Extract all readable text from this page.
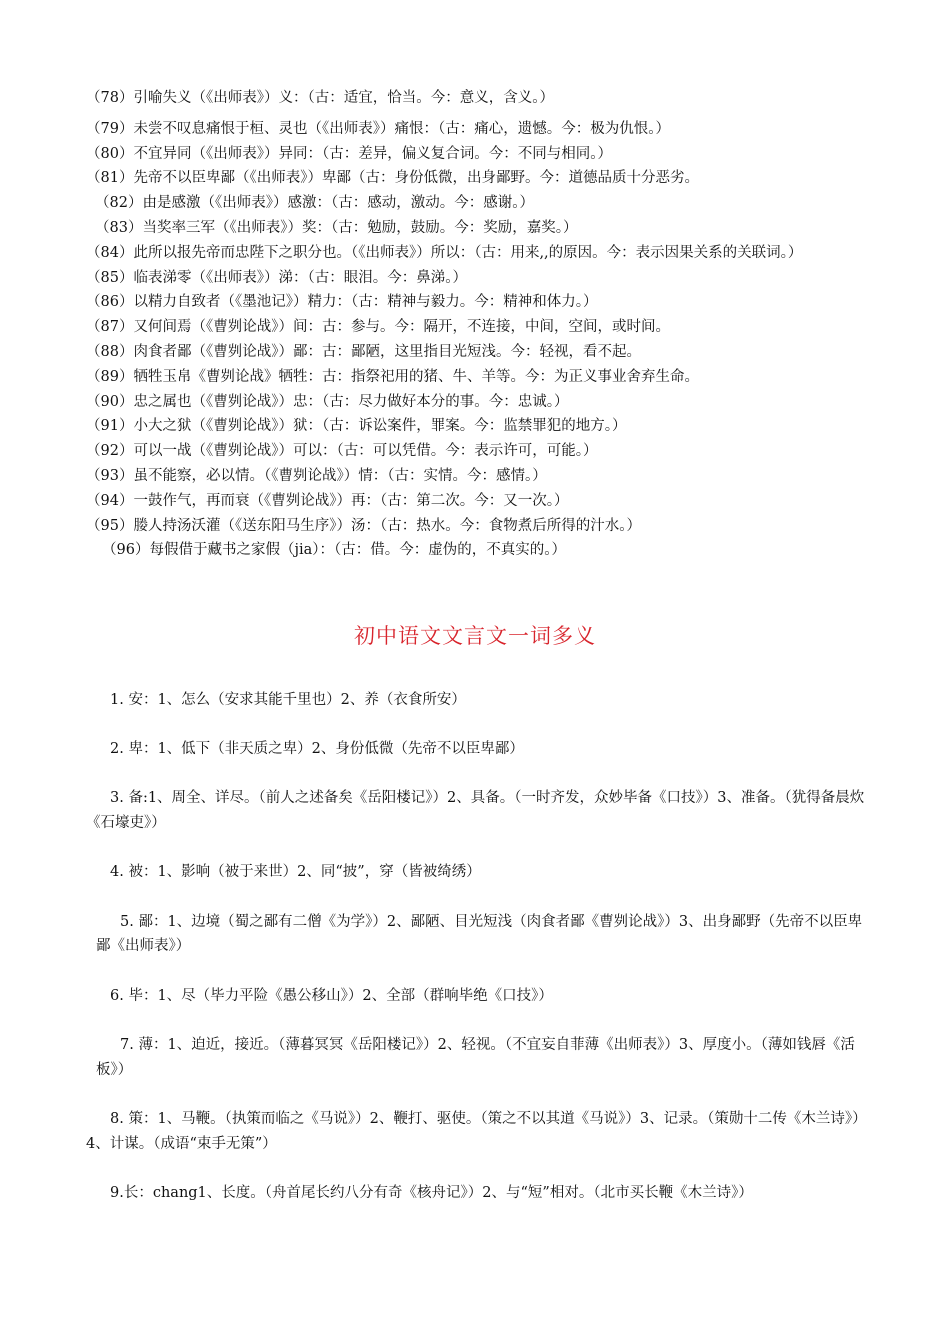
（78）引喻失义（《出师表》）义：（古：适宜，恰当。今：意义，含义。）
（79）未尝不叹息痛恨于桓、灵也（《出师表》）痛恨：（古：痛心，遗憾。今：极为仇恨。）
（80）不宜异同（《出师表》）异同：（古：差异，偏义复合词。今：不同与相同。）
（81）先帝不以臣卑鄙（《出师表》）卑鄙（古：身份低微，出身鄙野。今：道德品质十分恶劣。
（82）由是感激（《出师表》）感激：（古：感动，激动。今：感谢。）
（83）当奖率三军（《出师表》）奖：（古：勉励，鼓励。今：奖励，嘉奖。）
（84）此所以报先帝而忠陛下之职分也。（《出师表》）所以：（古：用来,,的原因。今：表示因果关系的关联词。）
（85）临表涕零（《出师表》）涕：（古：眼泪。今：鼻涕。）
（86）以精力自致者（《墨池记》）精力：（古：精神与毅力。今：精神和体力。）
（87）又何间焉（《曹刿论战》）间：古：参与。今：隔开，不连接，中间，空间，或时间。
（88）肉食者鄙（《曹刿论战》）鄙：古：鄙陋，这里指目光短浅。今：轻视，看不起。
（89）牺牲玉帛《曹刿论战》牺牲：古：指祭祀用的猪、牛、羊等。今：为正义事业舍弃生命。
（90）忠之属也（《曹刿论战》）忠：（古：尽力做好本分的事。今：忠诚。）
（91）小大之狱（《曹刿论战》）狱：（古：诉讼案件，罪案。今：监禁罪犯的地方。）
（92）可以一战（《曹刿论战》）可以：（古：可以凭借。今：表示许可，可能。）
（93）虽不能察，必以情。（《曹刿论战》）情：（古：实情。今：感情。）
（94）一鼓作气，再而衰（《曹刿论战》）再：（古：第二次。今：又一次。）
（95）媵人持汤沃灌（《送东阳马生序》）汤：（古：热水。今：食物煮后所得的汁水。）
（96）每假借于藏书之家假（jia）：（古：借。今：虚伪的，不真实的。）
初中语文文言文一词多义
1. 安：1、怎么（安求其能千里也）2、养（衣食所安）
2. 卑：1、低下（非天质之卑）2、身份低微（先帝不以臣卑鄙）
3. 备:1、周全、详尽。（前人之述备矣《岳阳楼记》）2、具备。（一时齐发，众妙毕备《口技》）3、准备。（犹得备晨炊《石壕吏》）
4. 被：1、影响（被于来世）2、同“披”，穿（皆被绮绣）
5. 鄙：1、边境（蜀之鄙有二僧《为学》）2、鄙陋、目光短浅（肉食者鄙《曹刿论战》）3、出身鄙野（先帝不以臣卑鄙《出师表》）
6. 毕：1、尽（毕力平险《愚公移山》）2、全部（群响毕绝《口技》）
7. 薄：1、迫近，接近。（薄暮冥冥《岳阳楼记》）2、轻视。（不宜妄自菲薄《出师表》）3、厚度小。（薄如钱唇《活板》）
8. 策：1、马鞭。（执策而临之《马说》）2、鞭打、驱使。（策之不以其道《马说》）3、记录。（策勋十二传《木兰诗》）4、计谋。（成语“束手无策”）
9.长：chang1、长度。（舟首尾长约八分有奇《核舟记》）2、与“短”相对。（北市买长鞭《木兰诗》）
